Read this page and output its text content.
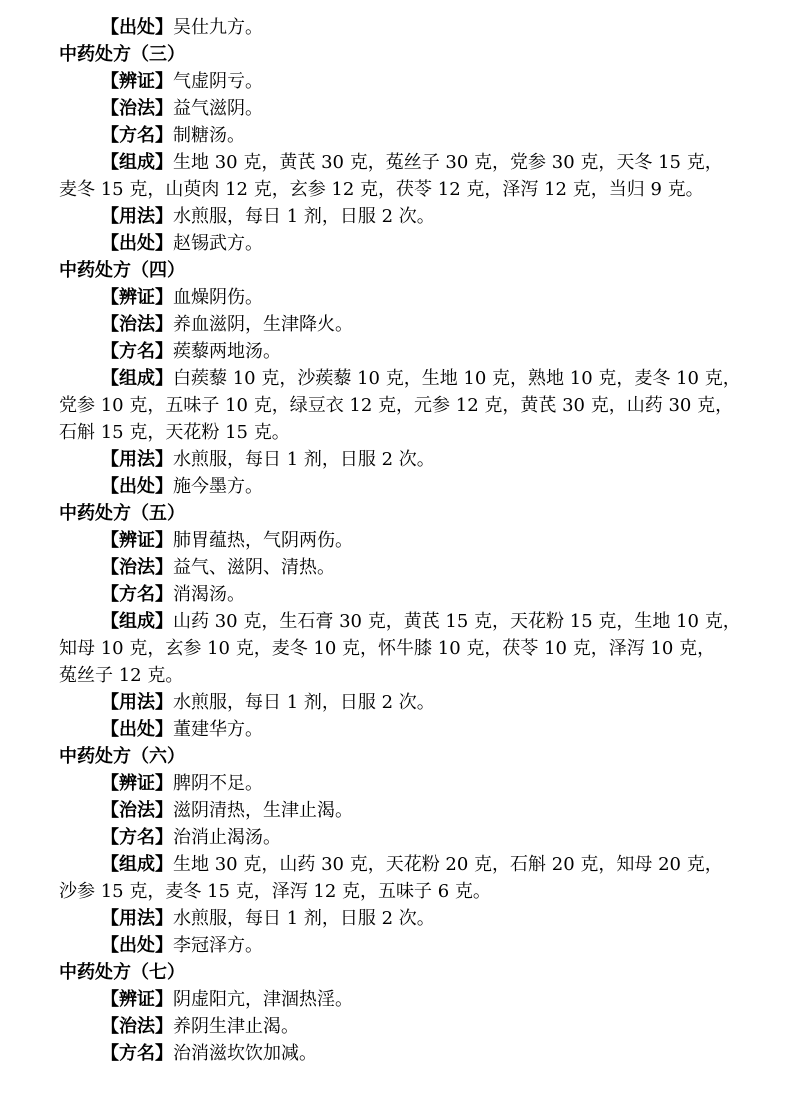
【出处】吴仕九方。
中药处方（三）
【辨证】气虚阴亏。
【治法】益气滋阴。
【方名】制糖汤。
【组成】生地 30 克，黄芪 30 克，菟丝子 30 克，党参 30 克，天冬 15 克，
麦冬 15 克，山萸肉 12 克，玄参 12 克，茯苓 12 克，泽泻 12 克，当归 9 克。
【用法】水煎服，每日 1 剂，日服 2 次。
【出处】赵锡武方。
中药处方（四）
【辨证】血燥阴伤。
【治法】养血滋阴，生津降火。
【方名】蒺藜两地汤。
【组成】白蒺藜 10 克，沙蒺藜 10 克，生地 10 克，熟地 10 克，麦冬 10 克，
党参 10 克，五味子 10 克，绿豆衣 12 克，元参 12 克，黄芪 30 克，山药 30 克，
石斛 15 克，天花粉 15 克。
【用法】水煎服，每日 1 剂，日服 2 次。
【出处】施今墨方。
中药处方（五）
【辨证】肺胃蕴热，气阴两伤。
【治法】益气、滋阴、清热。
【方名】消渴汤。
【组成】山药 30 克，生石膏 30 克，黄芪 15 克，天花粉 15 克，生地 10 克，
知母 10 克，玄参 10 克，麦冬 10 克，怀牛膝 10 克，茯苓 10 克，泽泻 10 克，
菟丝子 12 克。
【用法】水煎服，每日 1 剂，日服 2 次。
【出处】董建华方。
中药处方（六）
【辨证】脾阴不足。
【治法】滋阴清热，生津止渴。
【方名】治消止渴汤。
【组成】生地 30 克，山药 30 克，天花粉 20 克，石斛 20 克，知母 20 克，
沙参 15 克，麦冬 15 克，泽泻 12 克，五味子 6 克。
【用法】水煎服，每日 1 剂，日服 2 次。
【出处】李冠泽方。
中药处方（七）
【辨证】阴虚阳亢，津涸热淫。
【治法】养阴生津止渴。
【方名】治消滋坎饮加减。
